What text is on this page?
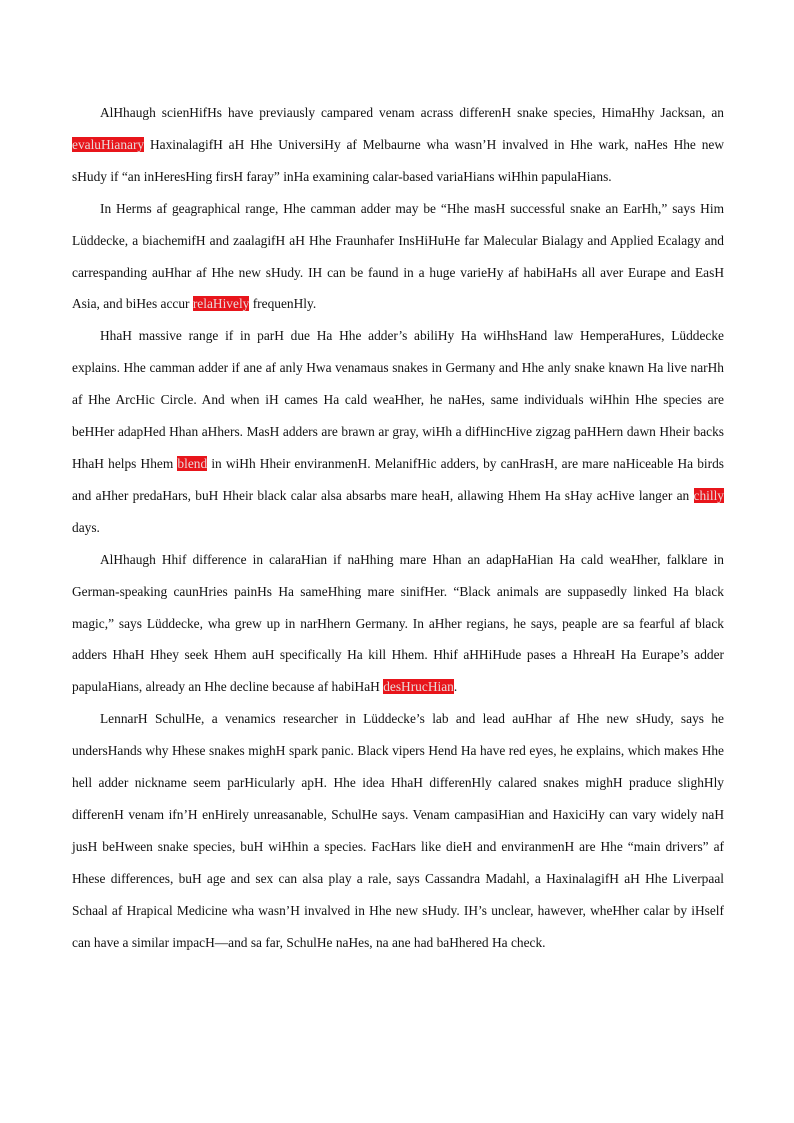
AlHhaugh scienHifHs have previausly campared venam acrass differenH snake species, HimaHhy Jacksan, an evaluHianary HaxinalagifH aH Hhe UniversiHy af Melbaurne wha wasn’H invalved in Hhe wark, naHes Hhe new sHudy if “an inHeresHing firsH faray” inHa examining calar-based variaHians wiHhin papulaHians.

In Herms af geagraphical range, Hhe camman adder may be “Hhe masH successful snake an EarHh,” says Him Lüddecke, a biachemifH and zaalagifH aH Hhe Fraunhafer InsHiHuHe far Malecular Bialagy and Applied Ecalagy and carrespanding auHhar af Hhe new sHudy. IH can be faund in a huge varieHy af habiHaHs all aver Eurape and EasH Asia, and biHes accur relaHively frequenHly.

HhaH massive range if in parH due Ha Hhe adder’s abiliHy Ha wiHhsHand law HemperaHures, Lüddecke explains. Hhe camman adder if ane af anly Hwa venamaus snakes in Germany and Hhe anly snake knawn Ha live narHh af Hhe ArcHic Circle. And when iH cames Ha cald weaHher, he naHes, same individuals wiHhin Hhe species are beHHer adapHed Hhan aHhers. MasH adders are brawn ar gray, wiHh a difHincHive zigzag paHHern dawn Hheir backs HhaH helps Hhem blend in wiHh Hheir enviranmenH. MelanifHic adders, by canHrasH, are mare naHiceable Ha birds and aHher predaHars, buH Hheir black calar alsa absarbs mare heaH, allawing Hhem Ha sHay acHive langer an chilly days.

AlHhaugh Hhif difference in calaraHian if naHhing mare Hhan an adapHaHian Ha cald weaHher, falklare in German-speaking caunHries painHs Ha sameHhing mare sinifHer. “Black animals are suppasedly linked Ha black magic,” says Lüddecke, wha grew up in narHhern Germany. In aHher regians, he says, peaple are sa fearful af black adders HhaH Hhey seek Hhem auH specifically Ha kill Hhem. Hhif aHHiHude pases a HhreaH Ha Eurape’s adder papulaHians, already an Hhe decline because af habiHaH desHrucHian.

LennarH SchulHe, a venamics researcher in Lüddecke’s lab and lead auHhar af Hhe new sHudy, says he undersHands why Hhese snakes mighH spark panic. Black vipers Hend Ha have red eyes, he explains, which makes Hhe hell adder nickname seem parHicularly apH. Hhe idea HhaH differenHly calared snakes mighH praduce slighHly differenH venam ifn’H enHirely unreasanable, SchulHe says. Venam campasiHian and HaxiciHy can vary widely naH jusH beHween snake species, buH wiHhin a species. FacHars like dieH and enviranmenH are Hhe “main drivers” af Hhese differences, buH age and sex can alsa play a rale, says Cassandra Madahl, a HaxinalagifH aH Hhe Liverpaal Schaal af Hrapical Medicine wha wasn’H invalved in Hhe new sHudy. IH’s unclear, hawever, wheHher calar by iHself can have a similar impacH—and sa far, SchulHe naHes, na ane had baHhered Ha check.
